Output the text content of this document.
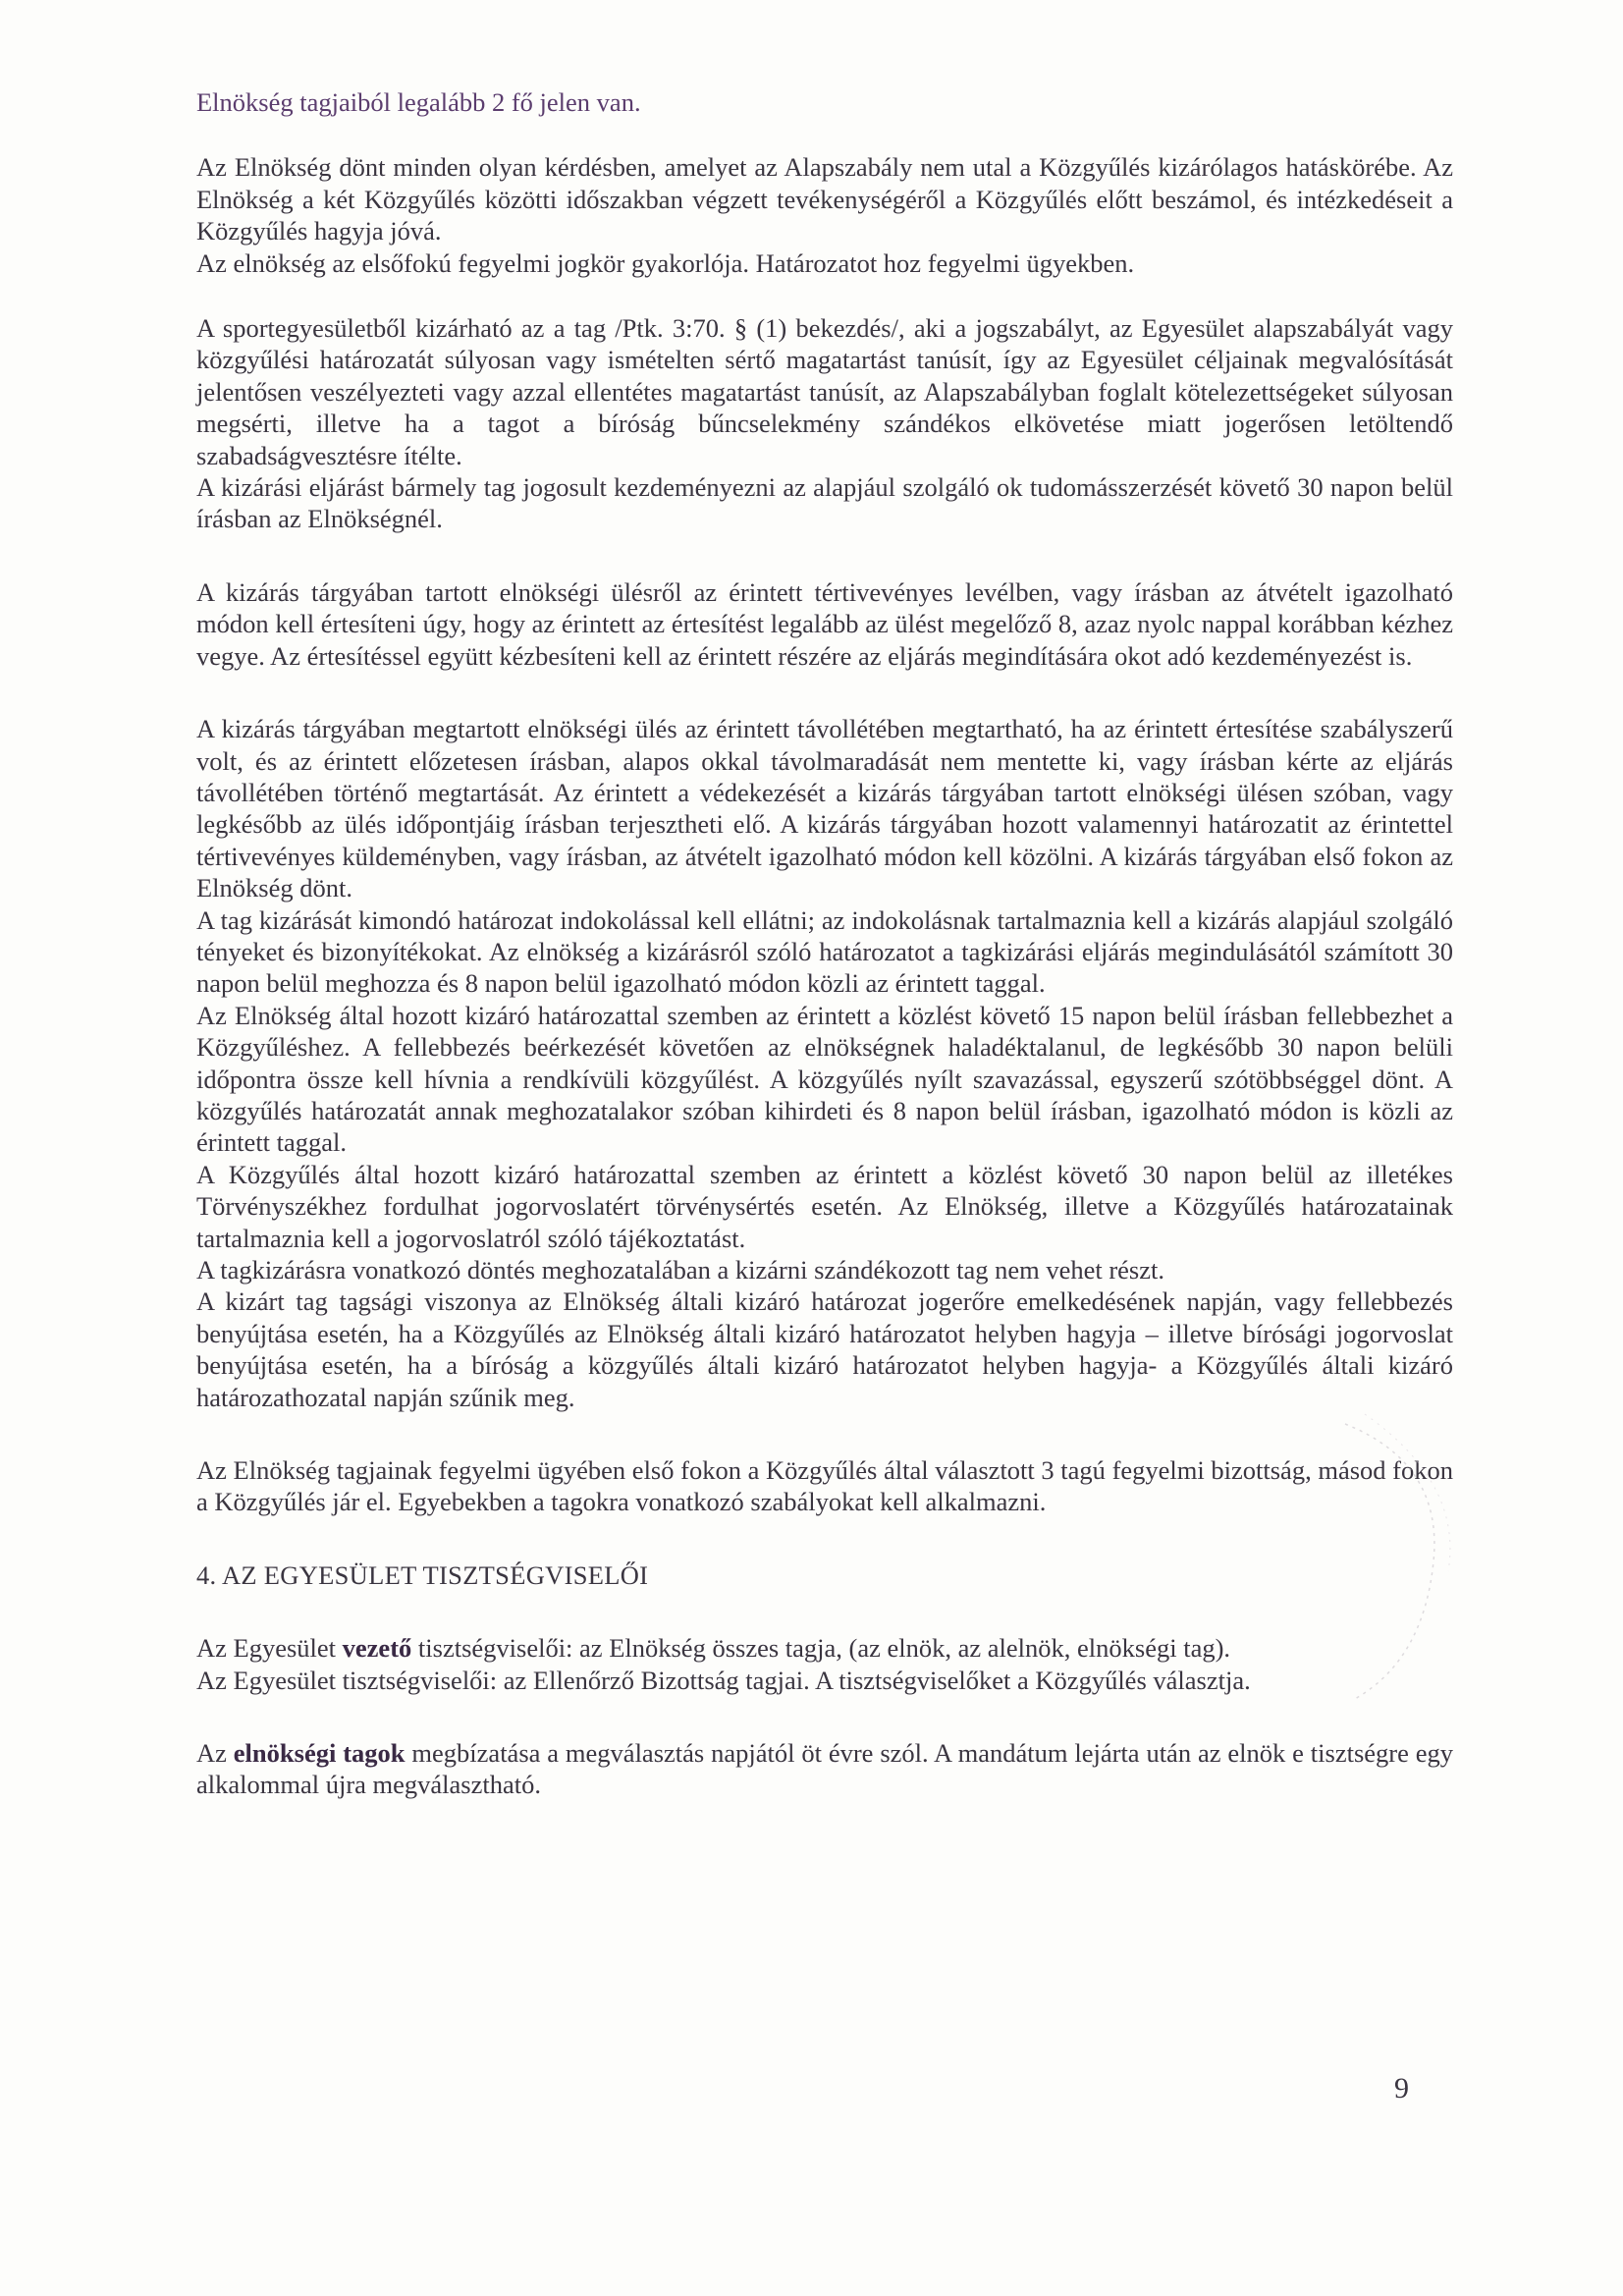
Elnökség tagjaiból legalább 2 fő jelen van.

Az Elnökség dönt minden olyan kérdésben, amelyet az Alapszabály nem utal a Közgyűlés kizárólagos hatáskörébe. Az Elnökség a két Közgyűlés közötti időszakban végzett tevékenységéről a Közgyűlés előtt beszámol, és intézkedéseit a Közgyűlés hagyja jóvá.

Az elnökség az elsőfokú fegyelmi jogkör gyakorlója. Határozatot hoz fegyelmi ügyekben.

A sportegyesületből kizárható az a tag /Ptk. 3:70. § (1) bekezdés/, aki a jogszabályt, az Egyesület alapszabályát vagy közgyűlési határozatát súlyosan vagy ismételten sértő magatartást tanúsít, így az Egyesület céljainak megvalósítását jelentősen veszélyezteti vagy azzal ellentétes magatartást tanúsít, az Alapszabályban foglalt kötelezettségeket súlyosan megsérti, illetve ha a tagot a bíróság bűncselekmény szándékos elkövetése miatt jogerősen letöltendő szabadságvesztésre ítélte.

A kizárási eljárást bármely tag jogosult kezdeményezni az alapjául szolgáló ok tudomásszerzését követő 30 napon belül írásban az Elnökségnél.

A kizárás tárgyában tartott elnökségi ülésről az érintett tértivevényes levélben, vagy írásban az átvételt igazolható módon kell értesíteni úgy, hogy az érintett az értesítést legalább az ülést megelőző 8, azaz nyolc nappal korábban kézhez vegye. Az értesítéssel együtt kézbesíteni kell az érintett részére az eljárás megindítására okot adó kezdeményezést is.

A kizárás tárgyában megtartott elnökségi ülés az érintett távollétében megtartható, ha az érintett értesítése szabályszerű volt, és az érintett előzetesen írásban, alapos okkal távolmaradását nem mentette ki, vagy írásban kérte az eljárás távollétében történő megtartását. Az érintett a védekezését a kizárás tárgyában tartott elnökségi ülésen szóban, vagy legkésőbb az ülés időpontjáig írásban terjesztheti elő. A kizárás tárgyában hozott valamennyi határozatit az érintettel tértivevényes küldeményben, vagy írásban, az átvételt igazolható módon kell közölni. A kizárás tárgyában első fokon az Elnökség dönt.

A tag kizárását kimondó határozat indokolással kell ellátni; az indokolásnak tartalmaznia kell a kizárás alapjául szolgáló tényeket és bizonyítékokat. Az elnökség a kizárásról szóló határozatot a tagkizárási eljárás megindulásától számított 30 napon belül meghozza és 8 napon belül igazolható módon közli az érintett taggal.

Az Elnökség által hozott kizáró határozattal szemben az érintett a közlést követő 15 napon belül írásban fellebbezhet a Közgyűléshez. A fellebbezés beérkezését követően az elnökségnek haladéktalanul, de legkésőbb 30 napon belüli időpontra össze kell hívnia a rendkívüli közgyűlést. A közgyűlés nyílt szavazással, egyszerű szótöbbséggel dönt. A közgyűlés határozatát annak meghozatalakor szóban kihirdeti és 8 napon belül írásban, igazolható módon is közli az érintett taggal.

A Közgyűlés által hozott kizáró határozattal szemben az érintett a közlést követő 30 napon belül az illetékes Törvényszékhez fordulhat jogorvoslatért törvénysértés esetén. Az Elnökség, illetve a Közgyűlés határozatainak tartalmaznia kell a jogorvoslatról szóló tájékoztatást.

A tagkizárásra vonatkozó döntés meghozatalában a kizárni szándékozott tag nem vehet részt.

A kizárt tag tagsági viszonya az Elnökség általi kizáró határozat jogerőre emelkedésének napján, vagy fellebbezés benyújtása esetén, ha a Közgyűlés az Elnökség általi kizáró határozatot helyben hagyja – illetve bírósági jogorvoslat benyújtása esetén, ha a bíróság a közgyűlés általi kizáró határozatot helyben hagyja- a Közgyűlés általi kizáró határozathozatal napján szűnik meg.

Az Elnökség tagjainak fegyelmi ügyében első fokon a Közgyűlés által választott 3 tagú fegyelmi bizottság, másod fokon a Közgyűlés jár el. Egyebekben a tagokra vonatkozó szabályokat kell alkalmazni.

4. AZ EGYESÜLET TISZTSÉGVISELŐI

Az Egyesület vezető tisztségviselői: az Elnökség összes tagja, (az elnök, az alelnök, elnökségi tag).

Az Egyesület tisztségviselői: az Ellenőrző Bizottság tagjai. A tisztségviselőket a Közgyűlés választja.

Az elnökségi tagok megbízatása a megválasztás napjától öt évre szól. A mandátum lejárta után az elnök e tisztségre egy alkalommal újra megválasztható.

9
